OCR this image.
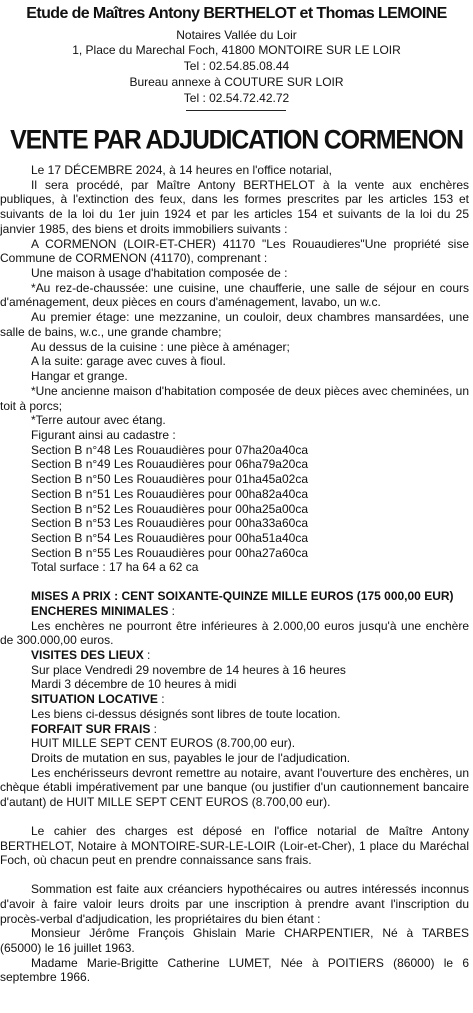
Etude de Maîtres Antony BERTHELOT et Thomas LEMOINE
Notaires Vallée du Loir
1, Place du Marechal Foch, 41800 MONTOIRE SUR LE LOIR
Tel : 02.54.85.08.44
Bureau annexe à COUTURE SUR LOIR
Tel : 02.54.72.42.72
VENTE PAR ADJUDICATION CORMENON

Le 17 DÉCEMBRE 2024, à 14 heures en l'office notarial,

Il sera procédé, par Maître Antony BERTHELOT à la vente aux enchères publiques, à l'extinction des feux, dans les formes prescrites par les articles 153 et suivants de la loi du 1er juin 1924 et par les articles 154 et suivants de la loi du 25 janvier 1985, des biens et droits immobiliers suivants :

A CORMENON (LOIR-ET-CHER) 41170 "Les Rouaudieres"Une propriété sise Commune de CORMENON (41170), comprenant :

Une maison à usage d'habitation composée de :

*Au rez-de-chaussée: une cuisine, une chaufferie, une salle de séjour en cours d'aménagement, deux pièces en cours d'aménagement, lavabo, un w.c.

Au premier étage: une mezzanine, un couloir, deux chambres mansardées, une salle de bains, w.c., une grande chambre;

Au dessus de la cuisine : une pièce à aménager;

A la suite: garage avec cuves à fioul.

Hangar et grange.

*Une ancienne maison d'habitation composée de deux pièces avec cheminées, un toit à porcs;

*Terre autour avec étang.

Figurant ainsi au cadastre :

Section B n°48 Les Rouaudières pour 07ha20a40ca

Section B n°49 Les Rouaudières pour 06ha79a20ca

Section B n°50 Les Rouaudières pour 01ha45a02ca

Section B n°51 Les Rouaudières pour 00ha82a40ca

Section B n°52 Les Rouaudières pour 00ha25a00ca

Section B n°53 Les Rouaudières pour 00ha33a60ca

Section B n°54 Les Rouaudières pour 00ha51a40ca

Section B n°55 Les Rouaudières pour 00ha27a60ca

Total surface : 17 ha 64 a 62 ca

MISES A PRIX : CENT SOIXANTE-QUINZE MILLE EUROS (175 000,00 EUR)

ENCHERES MINIMALES :

Les enchères ne pourront être inférieures à 2.000,00 euros jusqu'à une enchère de 300.000,00 euros.

VISITES DES LIEUX :

Sur place Vendredi 29 novembre de 14 heures à 16 heures

Mardi 3 décembre de 10 heures à midi

SITUATION LOCATIVE :

Les biens ci-dessus désignés sont libres de toute location.

FORFAIT SUR FRAIS :

HUIT MILLE SEPT CENT EUROS (8.700,00 eur).

Droits de mutation en sus, payables le jour de l'adjudication.

Les enchérisseurs devront remettre au notaire, avant l'ouverture des enchères, un chèque établi impérativement par une banque (ou justifier d'un cautionnement bancaire d'autant) de HUIT MILLE SEPT CENT EUROS (8.700,00 eur).

Le cahier des charges est déposé en l'office notarial de Maître Antony BERTHELOT, Notaire à MONTOIRE-SUR-LE-LOIR (Loir-et-Cher), 1 place du Maréchal Foch, où chacun peut en prendre connaissance sans frais.

Sommation est faite aux créanciers hypothécaires ou autres intéressés inconnus d'avoir à faire valoir leurs droits par une inscription à prendre avant l'inscription du procès-verbal d'adjudication, les propriétaires du bien étant :

Monsieur Jérôme François Ghislain Marie CHARPENTIER, Né à TARBES (65000) le 16 juillet 1963.

Madame Marie-Brigitte Catherine LUMET, Née à POITIERS (86000) le 6 septembre 1966.
